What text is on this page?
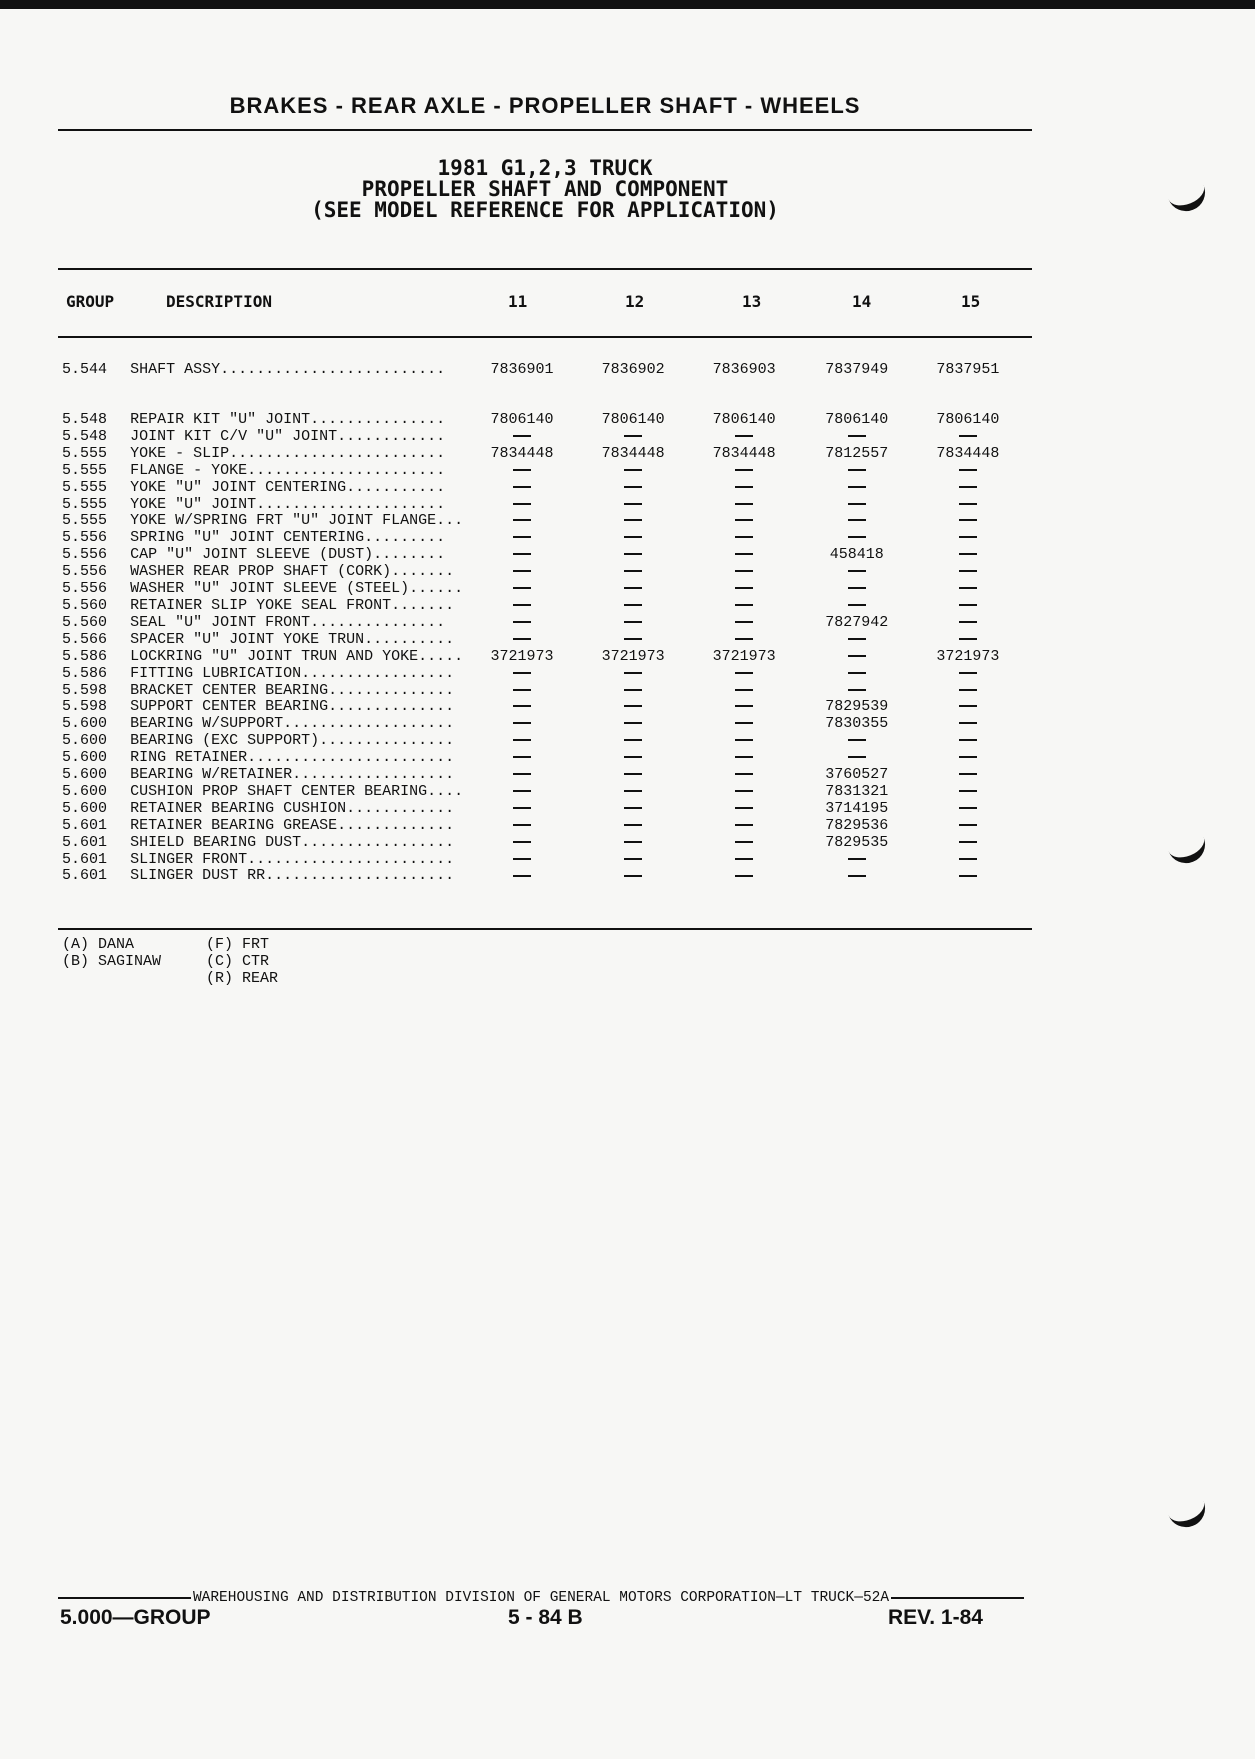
BRAKES - REAR AXLE - PROPELLER SHAFT - WHEELS
1981 G1,2,3 TRUCK
PROPELLER SHAFT AND COMPONENT
(SEE MODEL REFERENCE FOR APPLICATION)
GROUP	DESCRIPTION	11	12	13	14	15
5.544	SHAFT ASSY.........................	7836901	7836902	7836903	7837949	7837951
5.548	REPAIR KIT "U" JOINT...............	7806140	7806140	7806140	7806140	7806140
5.548	JOINT KIT C/V "U" JOINT............					
5.555	YOKE - SLIP........................	7834448	7834448	7834448	7812557	7834448
5.555	FLANGE - YOKE......................					
5.555	YOKE "U" JOINT CENTERING...........					
5.555	YOKE "U" JOINT.....................					
5.555	YOKE W/SPRING FRT "U" JOINT FLANGE...					
5.556	SPRING "U" JOINT CENTERING.........					
5.556	CAP "U" JOINT SLEEVE (DUST)........				458418	
5.556	WASHER REAR PROP SHAFT (CORK).......					
5.556	WASHER "U" JOINT SLEEVE (STEEL)......					
5.560	RETAINER SLIP YOKE SEAL FRONT.......					
5.560	SEAL "U" JOINT FRONT...............				7827942	
5.566	SPACER "U" JOINT YOKE TRUN..........					
5.586	LOCKRING "U" JOINT TRUN AND YOKE.....	3721973	3721973	3721973		3721973
5.586	FITTING LUBRICATION.................					
5.598	BRACKET CENTER BEARING..............					
5.598	SUPPORT CENTER BEARING..............				7829539	
5.600	BEARING W/SUPPORT...................				7830355	
5.600	BEARING (EXC SUPPORT)...............					
5.600	RING RETAINER.......................					
5.600	BEARING W/RETAINER..................				3760527	
5.600	CUSHION PROP SHAFT CENTER BEARING....				7831321	
5.600	RETAINER BEARING CUSHION............				3714195	
5.601	RETAINER BEARING GREASE.............				7829536	
5.601	SHIELD BEARING DUST.................				7829535	
5.601	SLINGER FRONT.......................					
5.601	SLINGER DUST RR.....................					
(A) DANA
(B) SAGINAW
(F) FRT
(C) CTR
(R) REAR
WAREHOUSING AND DISTRIBUTION DIVISION OF GENERAL MOTORS CORPORATION—LT TRUCK—52A
5.000—GROUP	5 - 84 B	REV. 1-84
